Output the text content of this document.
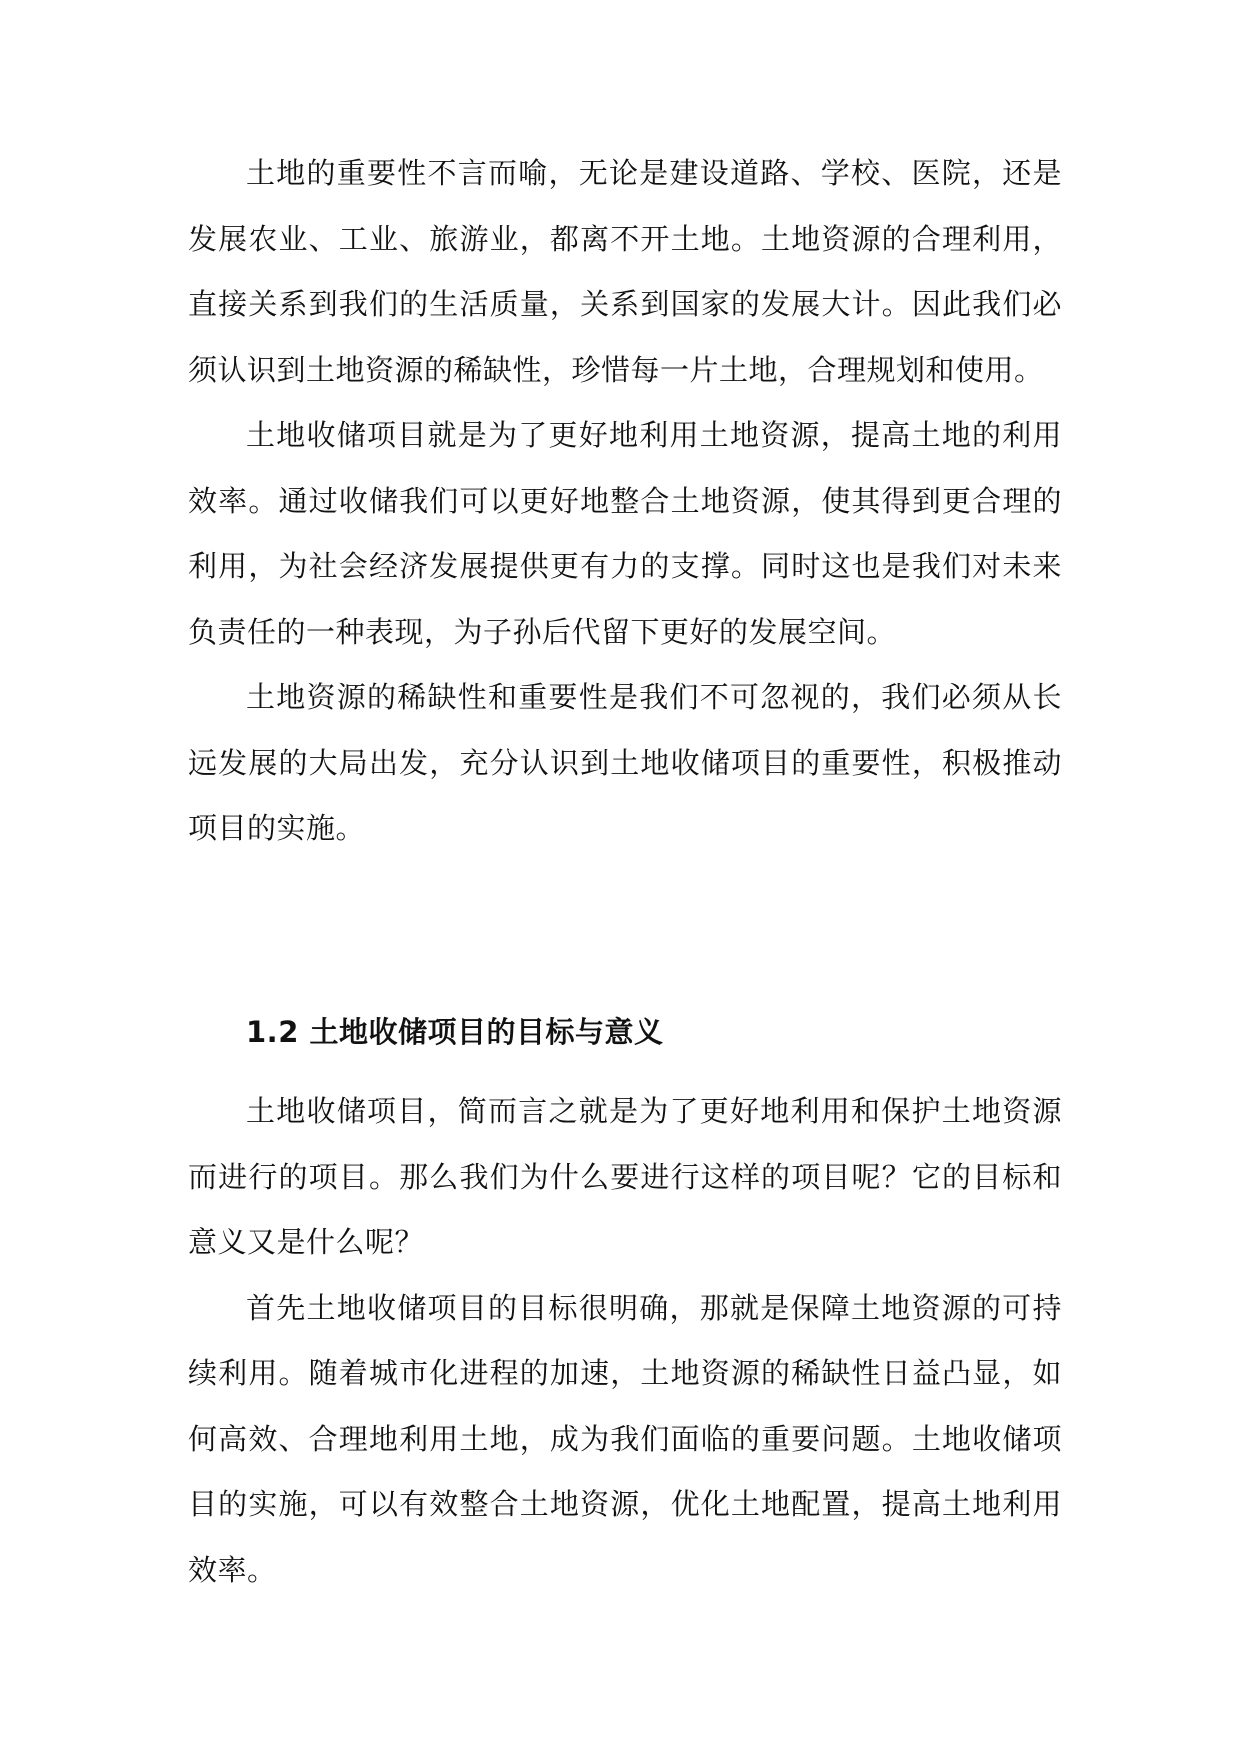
土地的重要性不言而喻，无论是建设道路、学校、医院，还是发展农业、工业、旅游业，都离不开土地。土地资源的合理利用，直接关系到我们的生活质量，关系到国家的发展大计。因此我们必须认识到土地资源的稀缺性，珍惜每一片土地，合理规划和使用。

土地收储项目就是为了更好地利用土地资源，提高土地的利用效率。通过收储我们可以更好地整合土地资源，使其得到更合理的利用，为社会经济发展提供更有力的支撑。同时这也是我们对未来负责任的一种表现，为子孙后代留下更好的发展空间。

土地资源的稀缺性和重要性是我们不可忽视的，我们必须从长远发展的大局出发，充分认识到土地收储项目的重要性，积极推动项目的实施。

1.2 土地收储项目的目标与意义

土地收储项目，简而言之就是为了更好地利用和保护土地资源而进行的项目。那么我们为什么要进行这样的项目呢？它的目标和意义又是什么呢？

首先土地收储项目的目标很明确，那就是保障土地资源的可持续利用。随着城市化进程的加速，土地资源的稀缺性日益凸显，如何高效、合理地利用土地，成为我们面临的重要问题。土地收储项目的实施，可以有效整合土地资源，优化土地配置，提高土地利用效率。
